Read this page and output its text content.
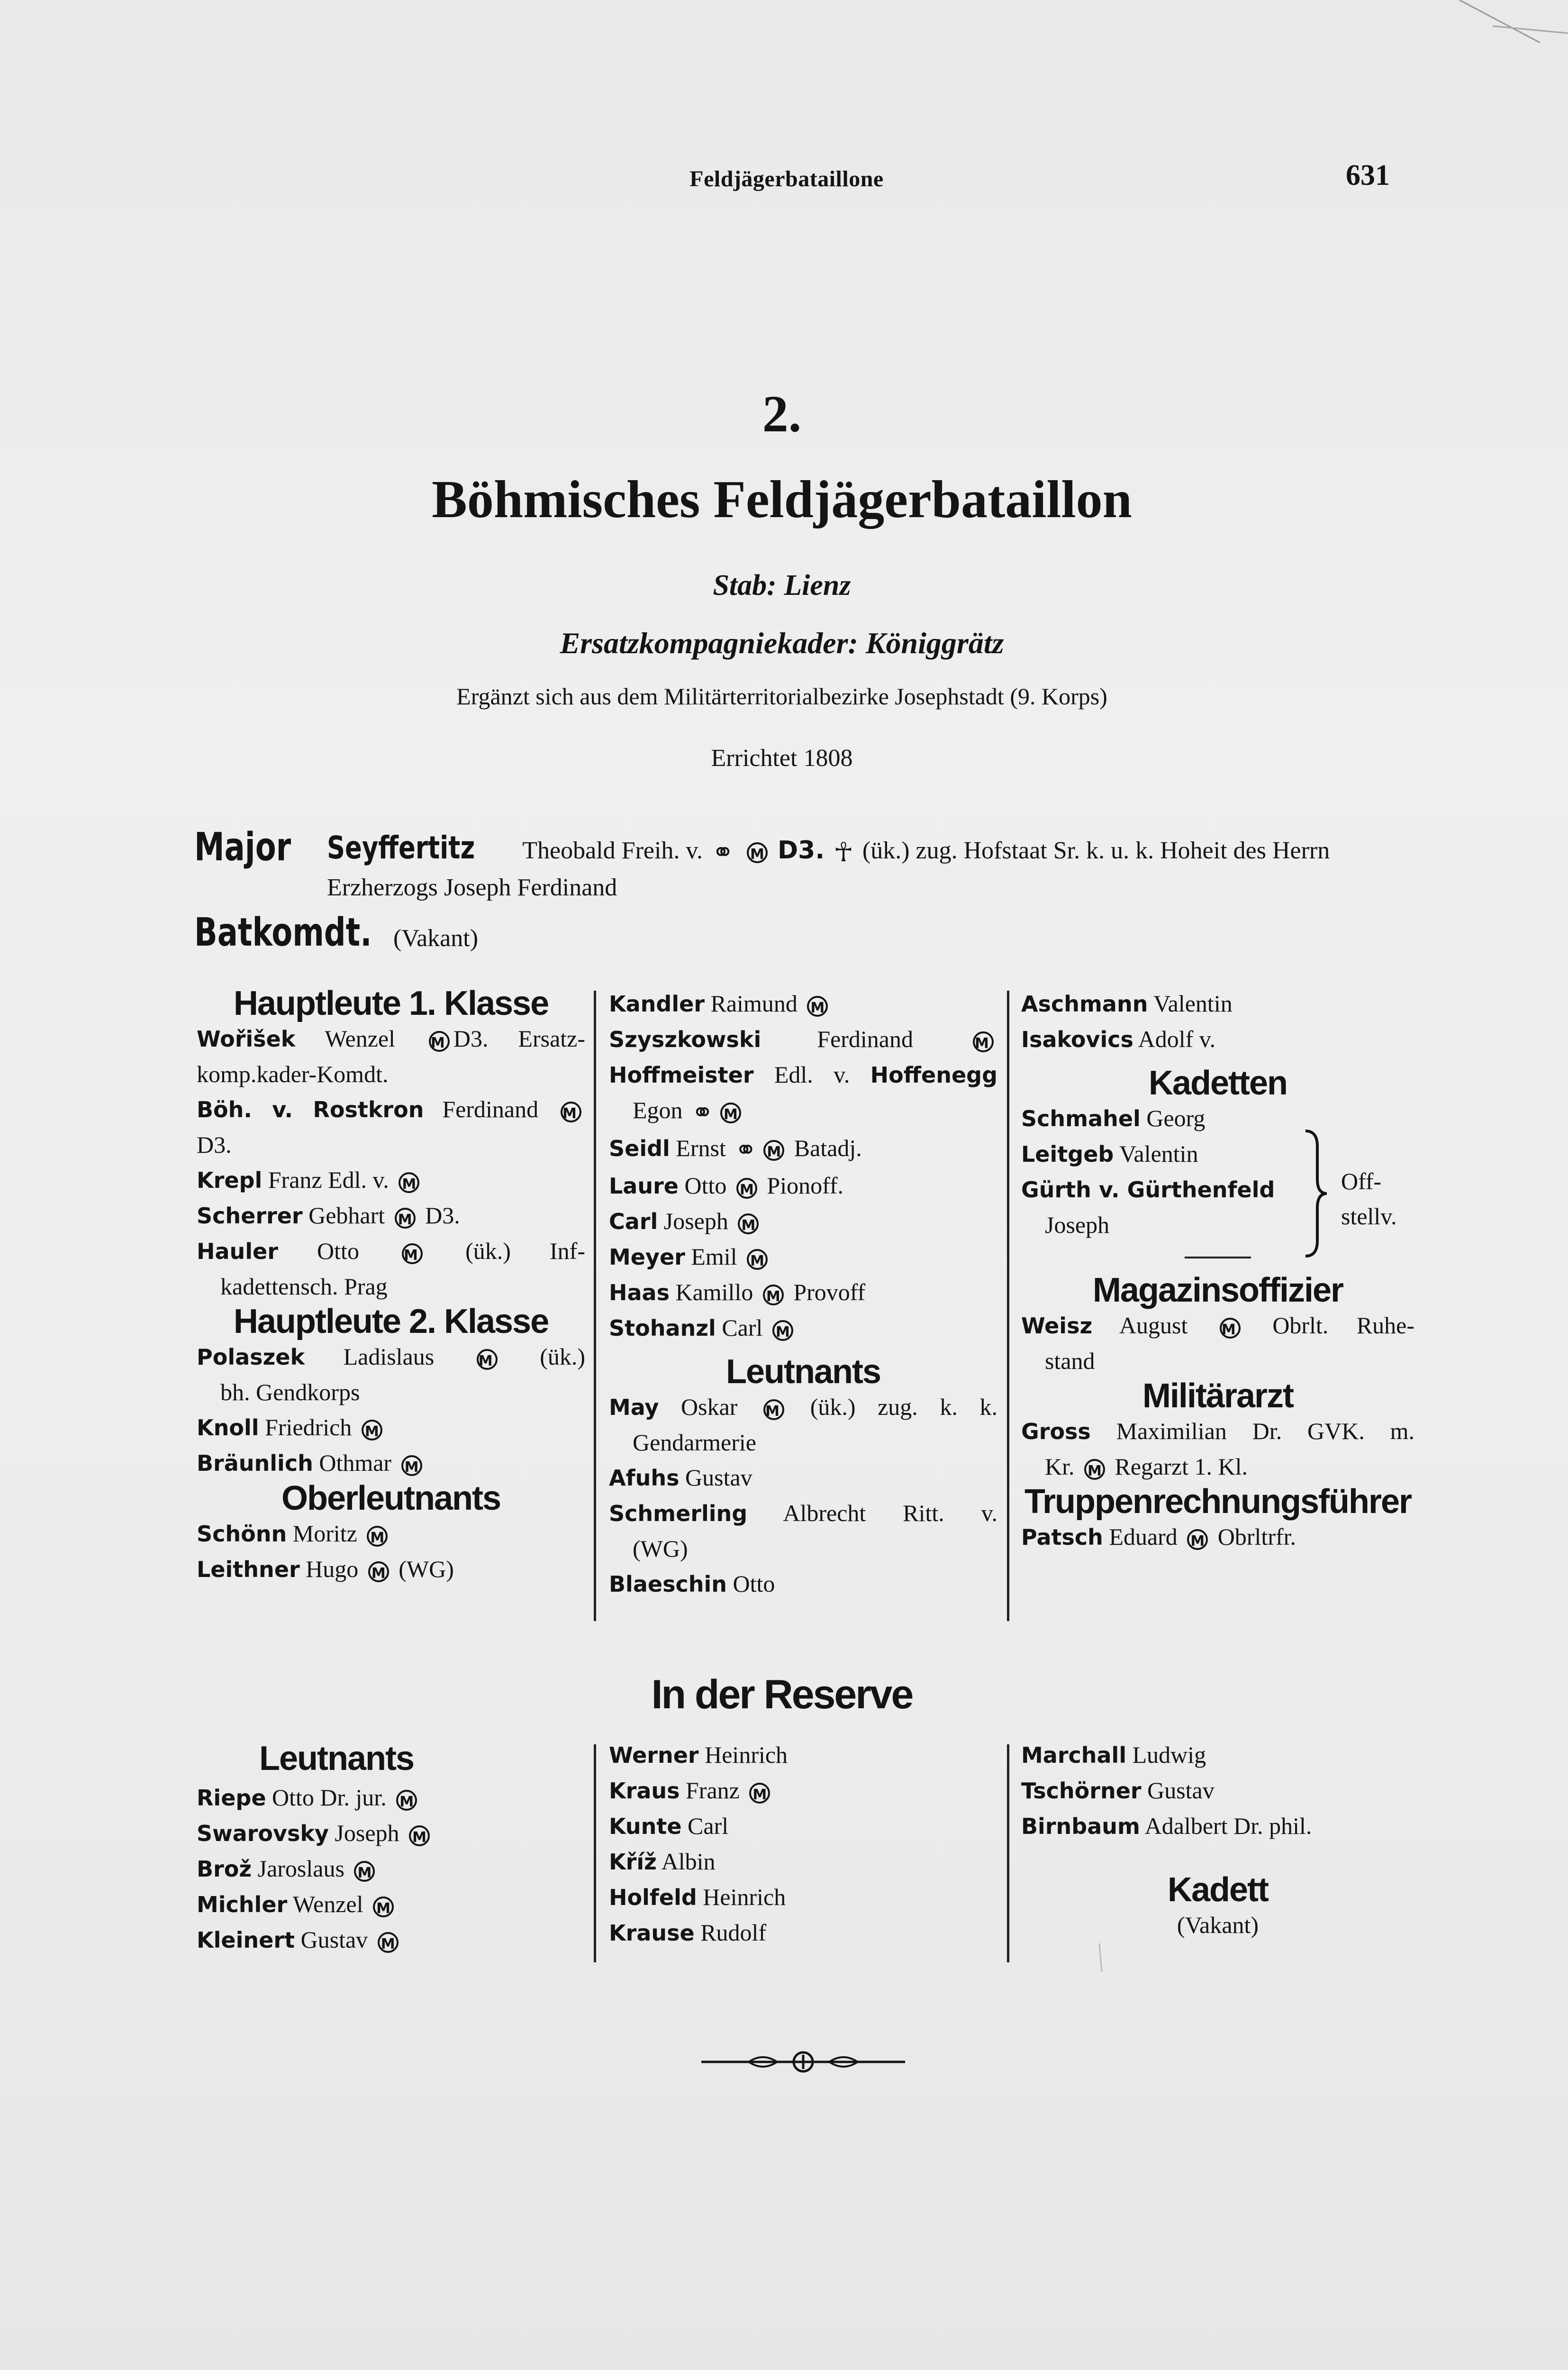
Feldjägerbataillone	631
2.
Böhmisches Feldjägerbataillon
Stab: Lienz
Ersatzkompagniekader: Königgrätz
Ergänzt sich aus dem Militärterritorialbezirke Josephstadt (9. Korps)
Errichtet 1808
Major	Seyffertitz Theobald Freih. v. ⚭ M D3. ☥ (ük.) zug. Hofstaat Sr. k. u. k. Hoheit des Herrn Erzherzogs Joseph Ferdinand
Batkomdt. (Vakant)
Hauptleute 1. Klasse
Wořišek Wenzel M D3. Ersatz-
komp.kader-Komdt.
Böh. v. Rostkron Ferdinand M
D3.
Krepl Franz Edl. v. M
Scherrer Gebhart M D3.
Hauler Otto	M (ük.) Inf-
kadettensch. Prag
Hauptleute 2. Klasse
Polaszek Ladislaus	M (ük.)
bh. Gendkorps
Knoll Friedrich M
Bräunlich Othmar M
Oberleutnants
Schönn Moritz M
Leithner Hugo M (WG)
Kandler Raimund M
Szyszkowski Ferdinand	M
Hoffmeister Edl. v. Hoffenegg
Egon ⚭ M
Seidl Ernst ⚭ M Batadj.
Laure Otto M Pionoff.
Carl Joseph M
Meyer Emil M
Haas Kamillo M Provoff
Stohanzl Carl M
Leutnants
May Oskar M (ük.) zug. k. k.
Gendarmerie
Afuhs Gustav
Schmerling Albrecht Ritt. v.
(WG)
Blaeschin Otto
Aschmann Valentin
Isakovics Adolf v.
Kadetten
Schmahel Georg
Leitgeb Valentin
Gürth v. Gürthenfeld
Joseph
Magazinsoffizier
Weisz August M Obrlt. Ruhe-
stand
Militärarzt
Gross Maximilian Dr. GVK. m.
Kr. M Regarzt 1. Kl.
Truppenrechnungsführer
Patsch Eduard M Obrltrfr.
Off-
stellv.
In der Reserve
Leutnants
Riepe Otto Dr. jur. M
Swarovsky Joseph M
Brož Jaroslaus M
Michler Wenzel M
Kleinert Gustav M
Werner Heinrich
Kraus Franz M
Kunte Carl
Kříž Albin
Holfeld Heinrich
Krause Rudolf
Marchall Ludwig
Tschörner Gustav
Birnbaum Adalbert Dr. phil.
Kadett
(Vakant)
